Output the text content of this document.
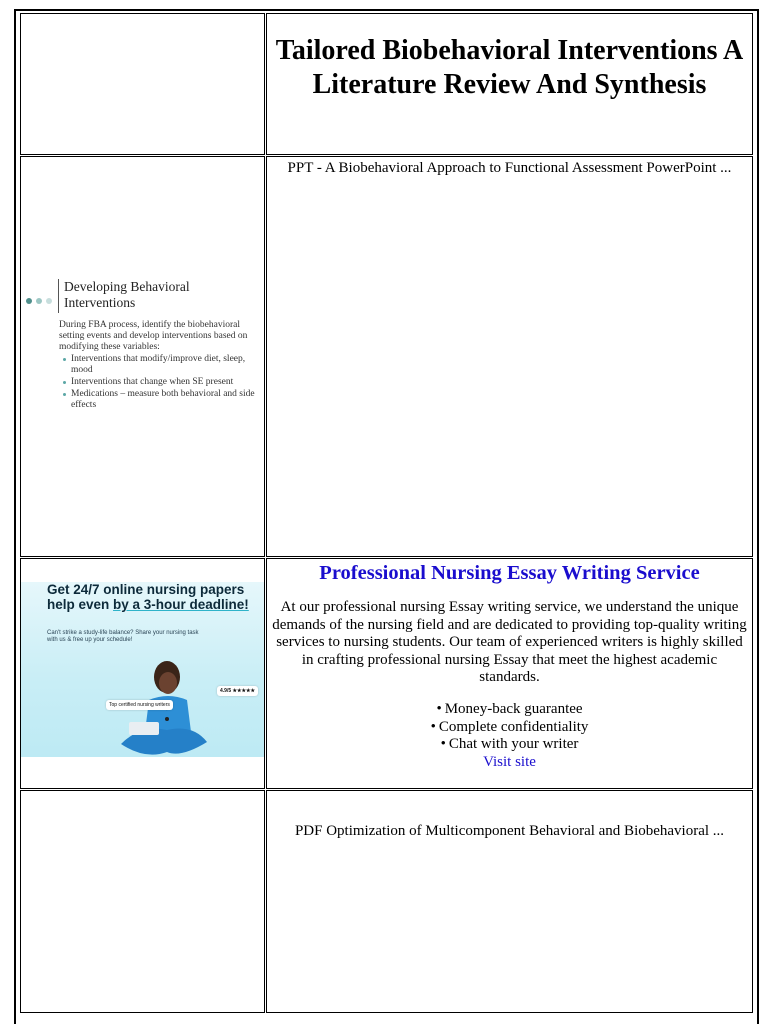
Tailored Biobehavioral Interventions A Literature Review And Synthesis
Developing Behavioral Interventions
During FBA process, identify the biobehavioral setting events and develop interventions based on modifying these variables:
Interventions that modify/improve diet, sleep, mood
Interventions that change when SE present
Medications – measure both behavioral and side effects
PPT - A Biobehavioral Approach to Functional Assessment PowerPoint ...
Get 24/7 online nursing papers help even by a 3-hour deadline!
Can't strike a study-life balance? Share your nursing task with us & free up your schedule!
Top certified nursing writers
4.9/5 ★★★★★
Professional Nursing Essay Writing Service
At our professional nursing Essay writing service, we understand the unique demands of the nursing field and are dedicated to providing top-quality writing services to nursing students. Our team of experienced writers is highly skilled in crafting professional nursing Essay that meet the highest academic standards.
• Money-back guarantee
• Complete confidentiality
• Chat with your writer
Visit site
PDF Optimization of Multicomponent Behavioral and Biobehavioral ...
